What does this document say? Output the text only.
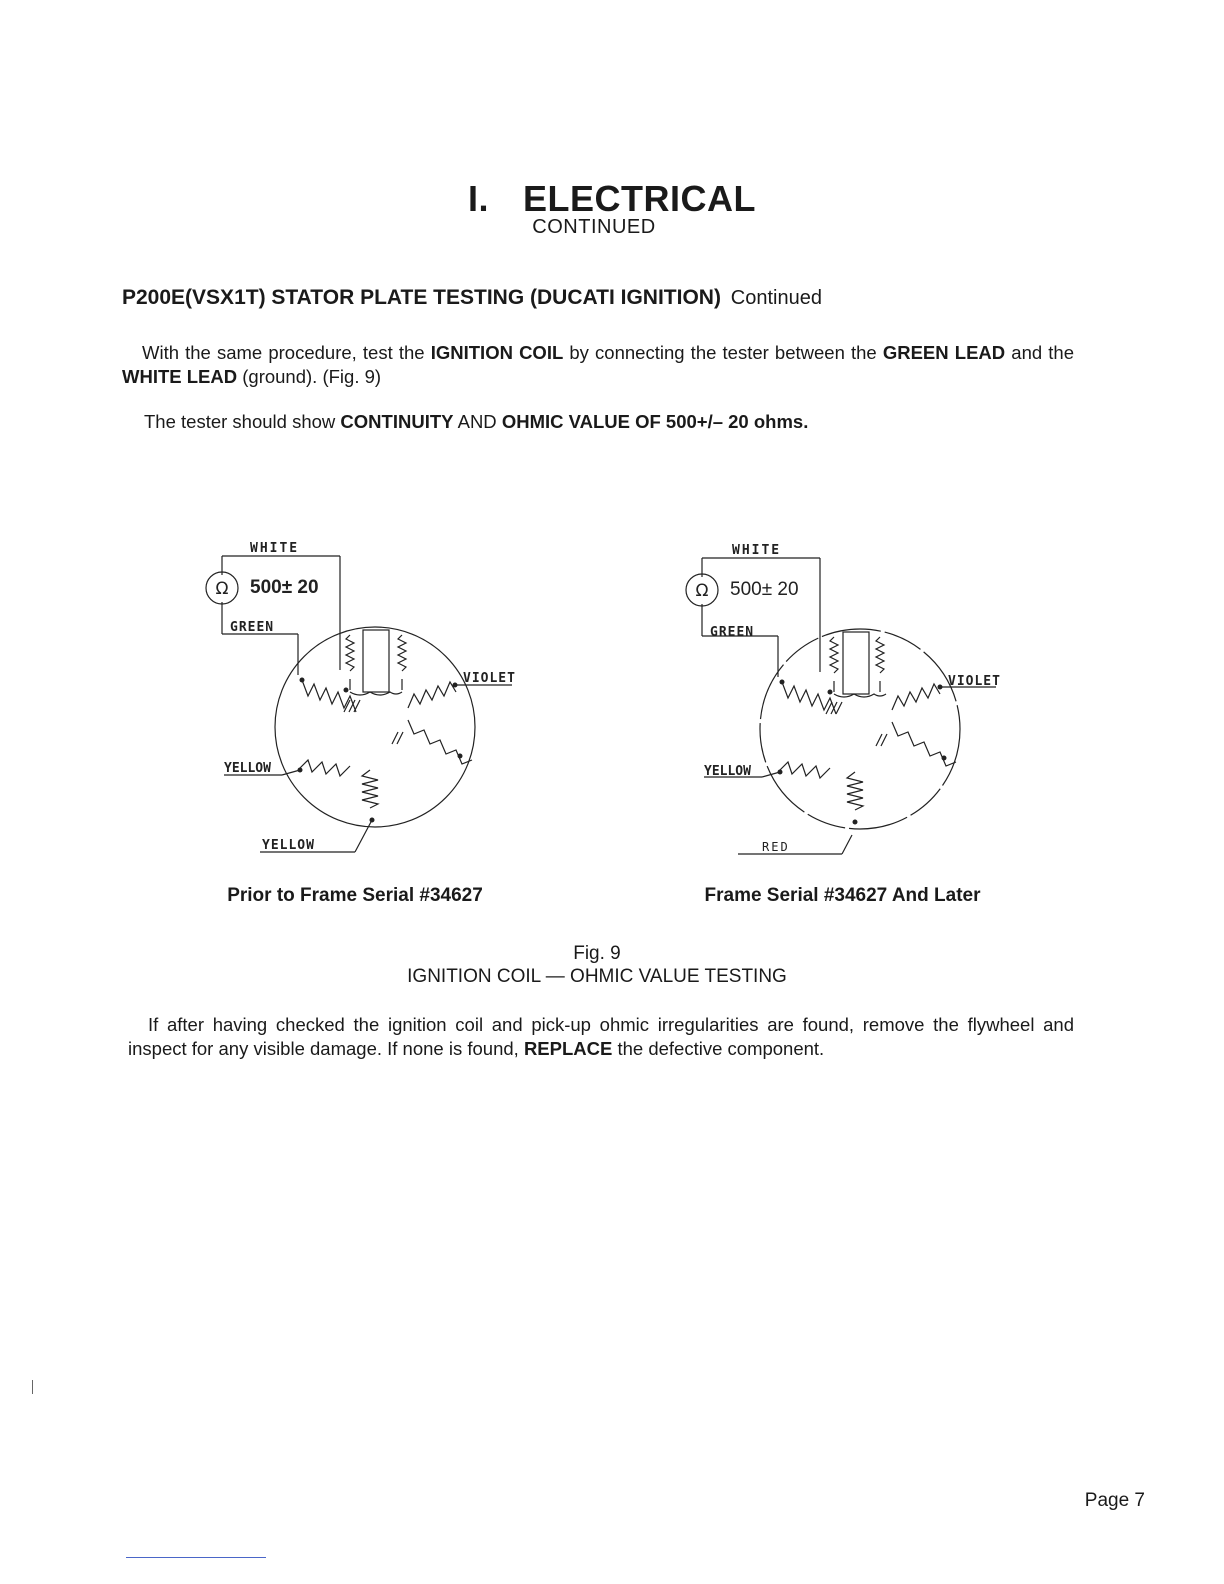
I. ELECTRICAL
CONTINUED
P200E(VSX1T) STATOR PLATE TESTING (DUCATI IGNITION) Continued
With the same procedure, test the IGNITION COIL by connecting the tester between the GREEN LEAD and the WHITE LEAD (ground). (Fig. 9)
The tester should show CONTINUITY AND OHMIC VALUE OF 500+/– 20 ohms.
Ω
WHITE
500± 20
GREEN
VIOLET
YELLOW
YELLOW
Ω
WHITE
500± 20
GREEN
VIOLET
YELLOW
RED
Prior to Frame Serial #34627	Frame Serial #34627 And Later
Fig. 9
IGNITION COIL — OHMIC VALUE TESTING
If after having checked the ignition coil and pick-up ohmic irregularities are found, remove the flywheel and inspect for any visible damage. If none is found, REPLACE the defective component.
Page 7
